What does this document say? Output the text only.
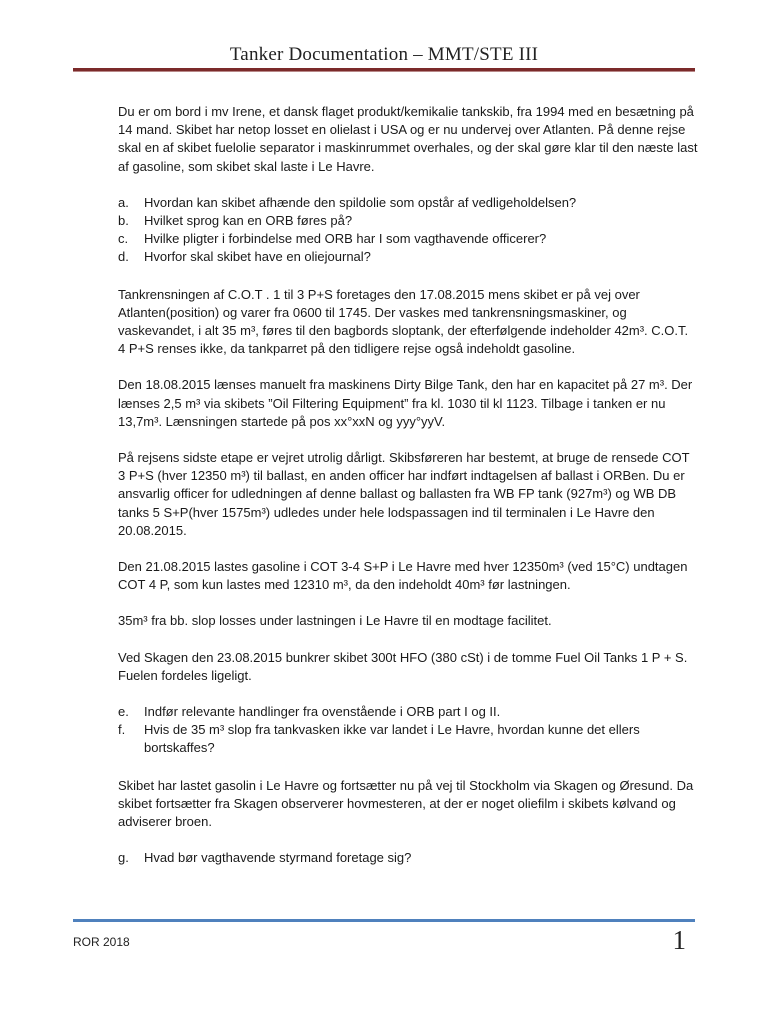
Tanker Documentation – MMT/STE III

Du er om bord i mv Irene, et dansk flaget produkt/kemikalie tankskib, fra 1994 med en besætning på 14 mand. Skibet har netop losset en olielast i USA og er nu undervej over Atlanten. På denne rejse skal en af skibet fuelolie separator i maskinrummet overhales, og der skal gøre klar til den næste last af gasoline, som skibet skal laste i Le Havre.

a. Hvordan kan skibet afhænde den spildolie som opstår af vedligeholdelsen?
b. Hvilket sprog kan en ORB føres på?
c. Hvilke pligter i forbindelse med ORB har I som vagthavende officerer?
d. Hvorfor skal skibet have en oliejournal?

Tankrensningen af C.O.T . 1 til 3 P+S foretages den 17.08.2015 mens skibet er på vej over Atlanten(position) og varer fra 0600 til 1745. Der vaskes med tankrensningsmaskiner, og vaskevandet, i alt 35 m³, føres til den bagbords sloptank, der efterfølgende indeholder 42m³. C.O.T. 4 P+S renses ikke, da tankparret på den tidligere rejse også indeholdt gasoline.

Den 18.08.2015 lænses manuelt fra maskinens Dirty Bilge Tank, den har en kapacitet på 27 m³. Der lænses 2,5 m³ via skibets ”Oil Filtering Equipment” fra kl. 1030 til kl 1123. Tilbage i tanken er nu 13,7m³. Lænsningen startede på pos xx°xxN og yyy°yyV.

På rejsens sidste etape er vejret utrolig dårligt. Skibsføreren har bestemt, at bruge de rensede COT 3 P+S (hver 12350 m³) til ballast, en anden officer har indført indtagelsen af ballast i ORBen. Du er ansvarlig officer for udledningen af denne ballast og ballasten fra WB FP tank (927m³) og WB DB tanks 5 S+P(hver 1575m³) udledes under hele lodspassagen ind til terminalen i Le Havre den 20.08.2015.

Den 21.08.2015 lastes gasoline i COT 3-4 S+P i Le Havre med hver 12350m³ (ved 15°C) undtagen COT 4 P, som kun lastes med 12310 m³, da den indeholdt 40m³ før lastningen.

35m³ fra bb. slop losses under lastningen i Le Havre til en modtage facilitet.

Ved Skagen den 23.08.2015 bunkrer skibet 300t HFO (380 cSt) i de tomme Fuel Oil Tanks 1 P + S. Fuelen fordeles ligeligt.

e. Indfør relevante handlinger fra ovenstående i ORB part I og II.
f. Hvis de 35 m³ slop fra tankvasken ikke var landet i Le Havre, hvordan kunne det ellers bortskaffes?

Skibet har lastet gasolin i Le Havre og fortsætter nu på vej til Stockholm via Skagen og Øresund. Da skibet fortsætter fra Skagen observerer hovmesteren, at der er noget oliefilm i skibets kølvand og adviserer broen.

g. Hvad bør vagthavende styrmand foretage sig?
ROR 2018	1
